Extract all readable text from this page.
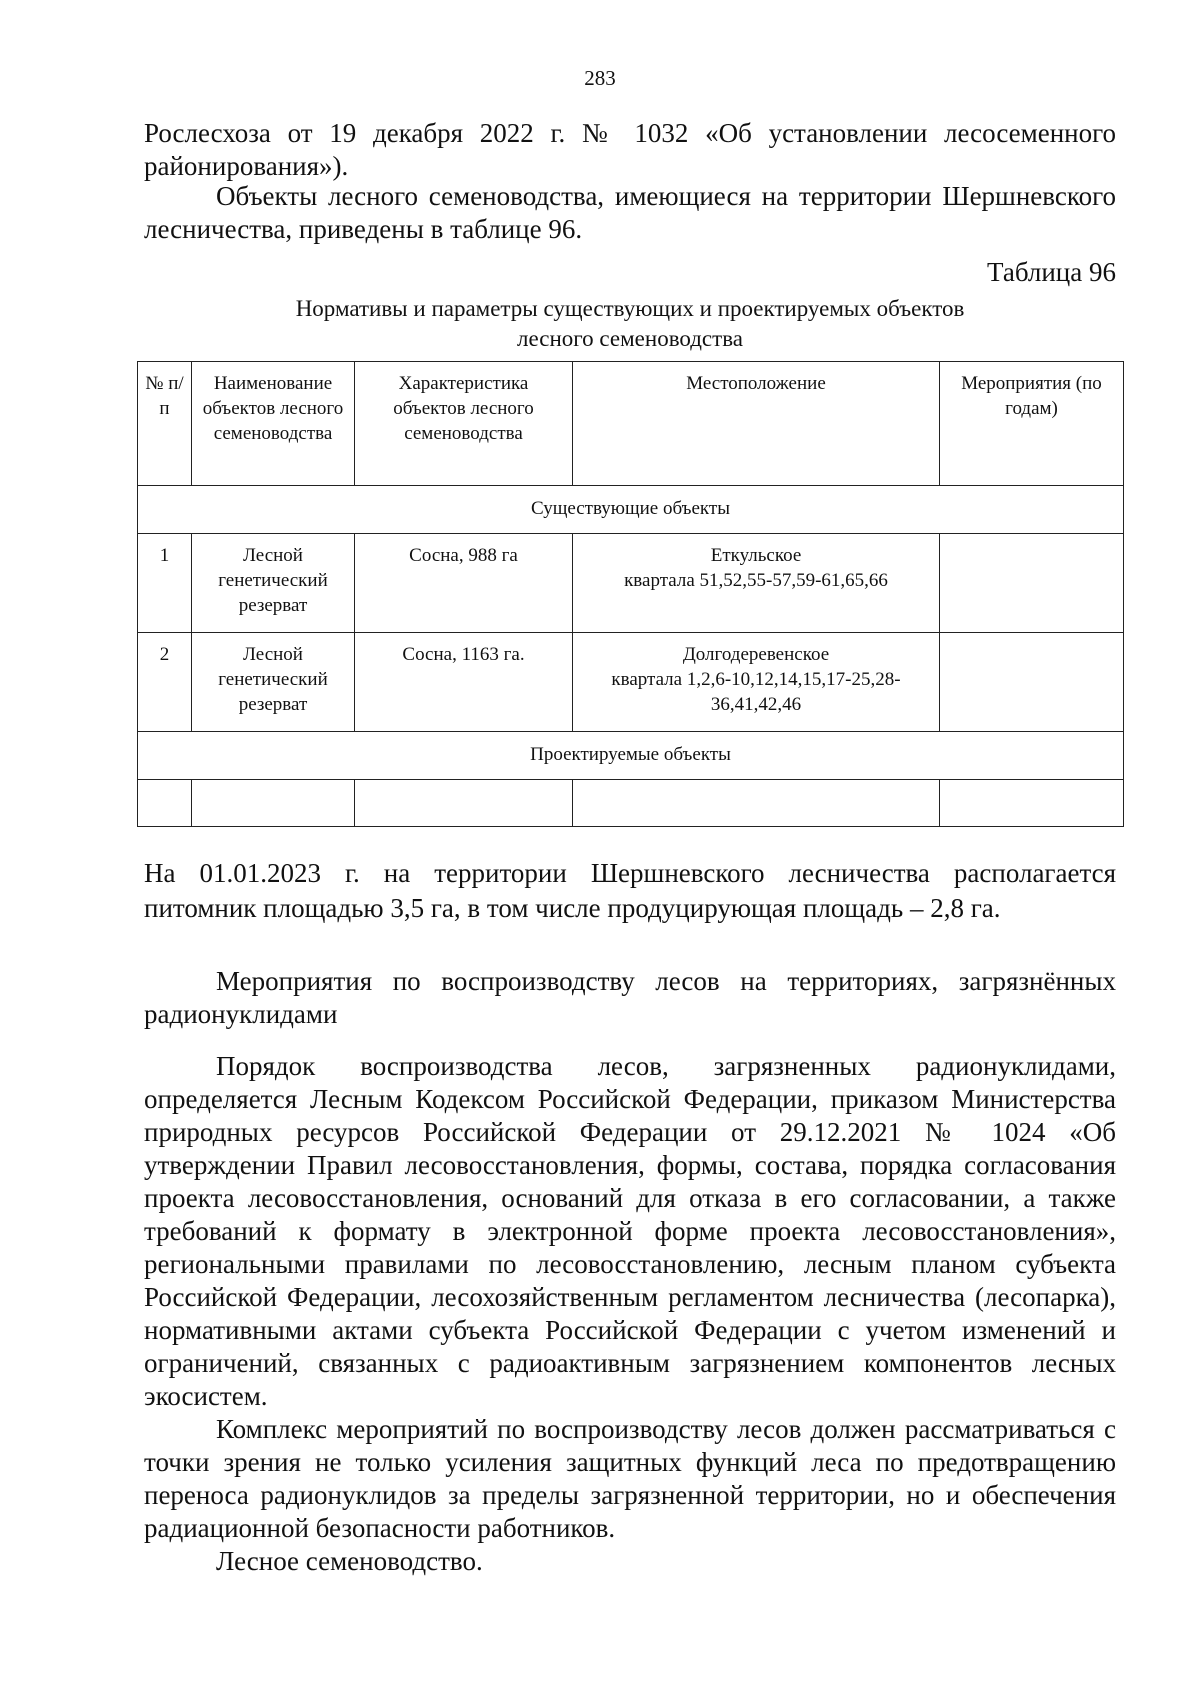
283

Рослесхоза от 19 декабря 2022 г. № 1032 «Об установлении лесосеменного

районирования»).

Объекты лесного семеноводства, имеющиеся на территории Шершневского

лесничества, приведены в таблице 96.

Таблица 96
Нормативы и параметры существующих и проектируемых объектов
лесного семеноводства
№ п/п	Наименование объектов лесного семеноводства	Характеристика объектов лесного семеноводства	Местоположение	Мероприятия (по годам)
Существующие объекты				
1	Лесной генетический резерват	Сосна, 988 га	Еткульское
квартала 51,52,55-57,59-61,65,66	

2	Лесной генетический резерват	Сосна, 1163 га.	Долгодеревенское
квартала 1,2,6-10,12,14,15,17-25,28-36,41,42,46	

Проектируемые объекты				

На 01.01.2023 г. на территории Шершневского лесничества располагается

питомник площадью 3,5 га, в том числе продуцирующая площадь – 2,8 га.

Мероприятия по воспроизводству лесов на территориях, загрязнённых

радионуклидами

Порядок воспроизводства лесов, загрязненных радионуклидами, определяется Лесным Кодексом Российской Федерации, приказом Министерства природных ресурсов Российской Федерации от 29.12.2021 № 1024 «Об утверждении Правил лесовосстановления, формы, состава, порядка согласования проекта лесовосстановления, оснований для отказа в его согласовании, а также требований к формату в электронной форме проекта лесовосстановления», региональными правилами по лесовосстановлению, лесным планом субъекта Российской Федерации, лесохозяйственным регламентом лесничества (лесопарка), нормативными актами субъекта Российской Федерации с учетом изменений и ограничений, связанных с радиоактивным загрязнением компонентов лесных экосистем.

Комплекс мероприятий по воспроизводству лесов должен рассматриваться с точки зрения не только усиления защитных функций леса по предотвращению переноса радионуклидов за пределы загрязненной территории, но и обеспечения радиационной безопасности работников.

Лесное семеноводство.
